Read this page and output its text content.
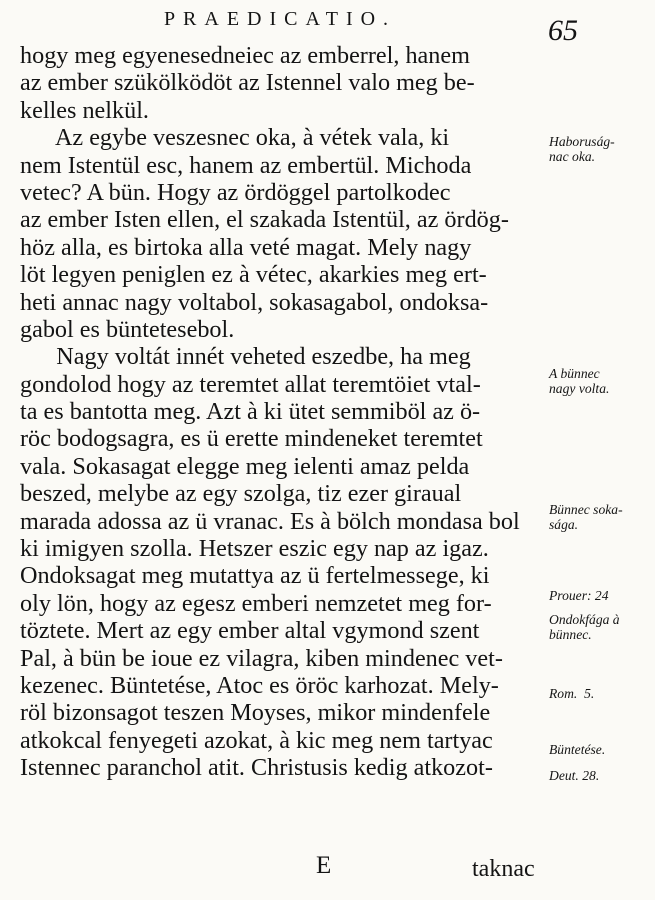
PRAEDICATIO.	65
hogy meg egyenesedneiec az emberrel, hanem
az ember szükölködöt az Istennel valo meg be-
kelles nelkül.
Az egybe veszesnec oka, à vétek vala, ki
nem Istentül esc, hanem az embertül. Michoda
vetec? A bün. Hogy az ördöggel partolkodec
az ember Isten ellen, el szakada Istentül, az ördög-
höz alla, es birtoka alla veté magat. Mely nagy
löt legyen peniglen ez à vétec, akarkies meg ert-
heti annac nagy voltabol, sokasagabol, ondoksa-
gabol es büntetesebol.
Nagy voltát innét veheted eszedbe, ha meg
gondolod hogy az teremtet allat teremtöiet vtal-
ta es bantotta meg. Azt à ki ütet semmiböl az ö-
röc bodogsagra, es ü erette mindeneket teremtet
vala. Sokasagat elegge meg ielenti amaz pelda
beszed, melybe az egy szolga, tiz ezer giraual
marada adossa az ü vranac. Es à bölch mondasa bol
ki imigyen szolla. Hetszer eszic egy nap az igaz.
Ondoksagat meg mutattya az ü fertelmessege, ki
oly lön, hogy az egesz emberi nemzetet meg for-
töztete. Mert az egy ember altal vgymond szent
Pal, à bün be ioue ez vilagra, kiben mindenec vet-
kezenec. Büntetése, Atoc es öröc karhozat. Mely-
röl bizonsagot teszen Moyses, mikor mindenfele
atkokcal fenyegeti azokat, à kic meg nem tartyac
Istennec paranchol atit. Christusis kedig atkozot-
Haboruság-
nac oka.
A bünnec
nagy volta.
Bünnec soka-
sága.
Prouer: 24
Ondokfága à
bünnec.
Rom.  5.
Büntetése.
Deut. 28.
E	taknac
